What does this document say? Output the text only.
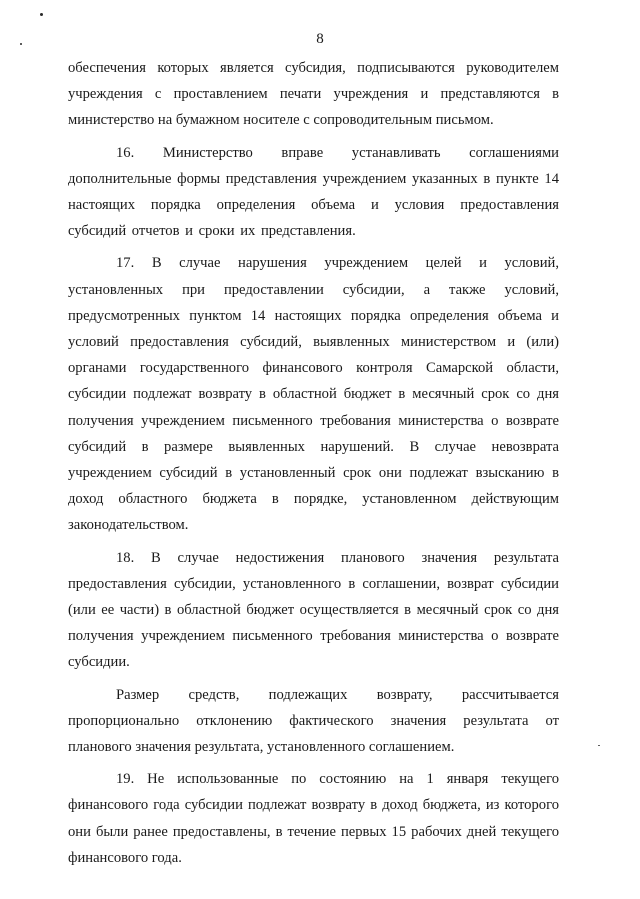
8

обеспечения которых является субсидия, подписываются руководителем учреждения с проставлением печати учреждения и представляются в министерство на бумажном носителе с сопроводительным письмом.

16. Министерство вправе устанавливать соглашениями дополнительные формы представления учреждением указанных в пункте 14 настоящих порядка определения объема и условия предоставления субсидий отчетов и сроки их представления.

17. В случае нарушения учреждением целей и условий, установленных при предоставлении субсидии, а также условий, предусмотренных пунктом 14 настоящих порядка определения объема и условий предоставления субсидий, выявленных министерством и (или) органами государственного финансового контроля Самарской области, субсидии подлежат возврату в областной бюджет в месячный срок со дня получения учреждением письменного требования министерства о возврате субсидий в размере выявленных нарушений. В случае невозврата учреждением субсидий в установленный срок они подлежат взысканию в доход областного бюджета в порядке, установленном действующим законодательством.

18. В случае недостижения планового значения результата предоставления субсидии, установленного в соглашении, возврат субсидии (или ее части) в областной бюджет осуществляется в месячный срок со дня получения учреждением письменного требования министерства о возврате субсидии.

Размер средств, подлежащих возврату, рассчитывается пропорционально отклонению фактического значения результата от планового значения результата, установленного соглашением.

19. Не использованные по состоянию на 1 января текущего финансового года субсидии подлежат возврату в доход бюджета, из которого они были ранее предоставлены, в течение первых 15 рабочих дней текущего финансового года.
